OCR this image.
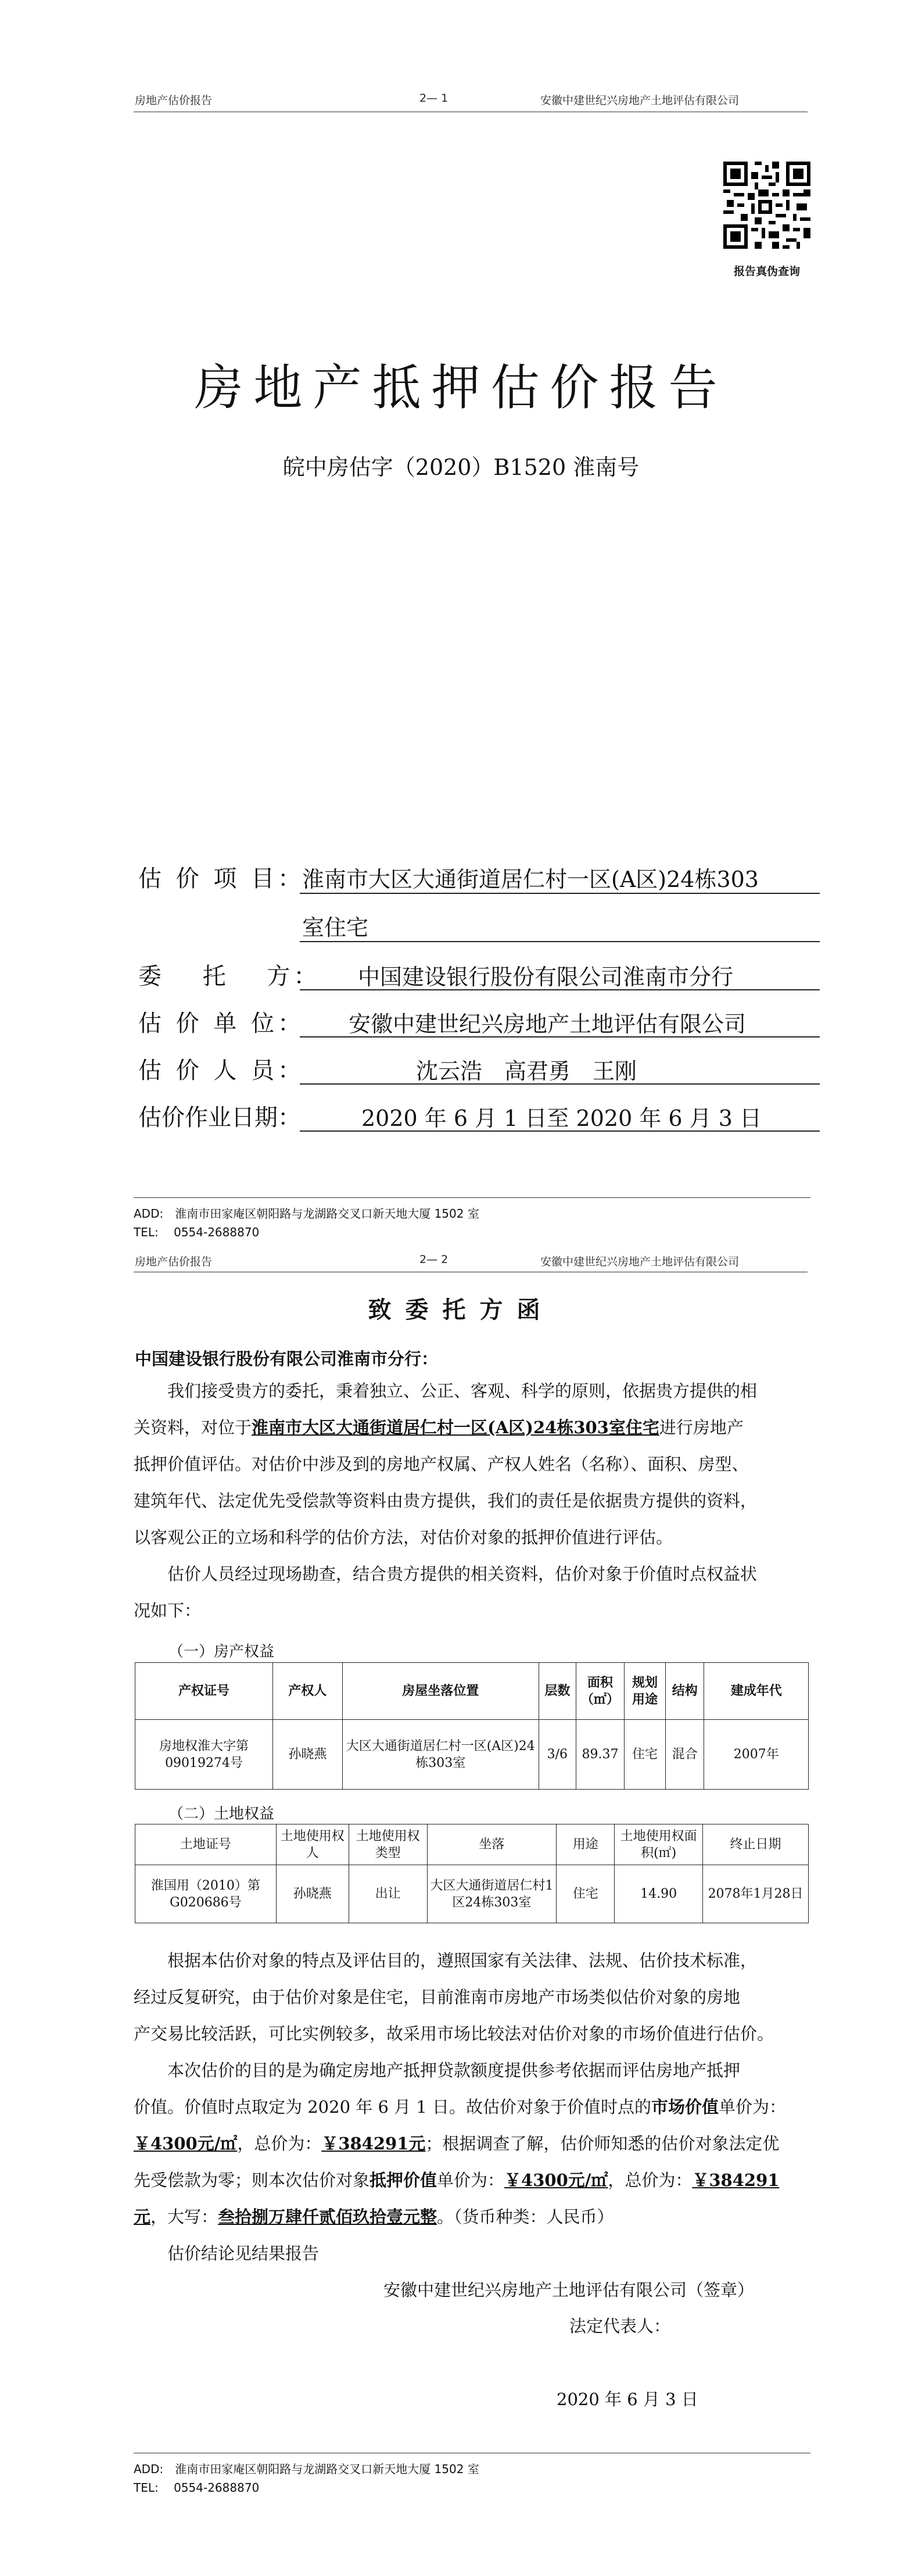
房地产估价报告	2— 1	安徽中建世纪兴房地产土地评估有限公司
报告真伪查询
房地产抵押估价报告
皖中房估字（2020）B1520 淮南号
估 价 项 目：
淮南市大区大通街道居仁村一区(A区)24栋303
室住宅
委　 托　 方： 中国建设银行股份有限公司淮南市分行
估 价 单 位： 安徽中建世纪兴房地产土地评估有限公司
估 价 人 员：	沈云浩　高君勇　王刚
估价作业日期：	2020 年 6 月 1 日至 2020 年 6 月 3 日
ADD:　淮南市田家庵区朝阳路与龙湖路交叉口新天地大厦 1502 室
TEL:　 0554-2688870
房地产估价报告	2— 2	安徽中建世纪兴房地产土地评估有限公司
致委托方函
中国建设银行股份有限公司淮南市分行：
我们接受贵方的委托，秉着独立、公正、客观、科学的原则，依据贵方提供的相
关资料，对位于淮南市大区大通街道居仁村一区(A区)24栋303室住宅进行房地产
抵押价值评估。对估价中涉及到的房地产权属、产权人姓名（名称）、面积、房型、
建筑年代、法定优先受偿款等资料由贵方提供，我们的责任是依据贵方提供的资料，
以客观公正的立场和科学的估价方法，对估价对象的抵押价值进行评估。
估价人员经过现场勘查，结合贵方提供的相关资料，估价对象于价值时点权益状
况如下：
（一）房产权益
产权证号	产权人	房屋坐落位置	层数	面积（㎡）	规划用途	结构	建成年代
房地权淮大字第09019274号	孙晓燕	大区大通街道居仁村一区(A区)24栋303室	3/6	89.37	住宅	混合	2007年
（二）土地权益
土地证号	土地使用权人	土地使用权类型	坐落	用途	土地使用权面积(㎡)	终止日期
淮国用（2010）第G020686号	孙晓燕	出让	大区大通街道居仁村1区24栋303室	住宅	14.90	2078年1月28日
根据本估价对象的特点及评估目的，遵照国家有关法律、法规、估价技术标准，
经过反复研究，由于估价对象是住宅，目前淮南市房地产市场类似估价对象的房地
产交易比较活跃，可比实例较多，故采用市场比较法对估价对象的市场价值进行估价。
本次估价的目的是为确定房地产抵押贷款额度提供参考依据而评估房地产抵押
价值。价值时点取定为 2020 年 6 月 1 日。故估价对象于价值时点的市场价值单价为：
￥4300元/㎡，总价为：￥384291元；根据调查了解，估价师知悉的估价对象法定优
先受偿款为零；则本次估价对象抵押价值单价为：￥4300元/㎡，总价为：￥384291
元，大写：叁拾捌万肆仟贰佰玖拾壹元整。（货币种类：人民币）
估价结论见结果报告
安徽中建世纪兴房地产土地评估有限公司（签章）
法定代表人：
2020 年 6 月 3 日
ADD:　淮南市田家庵区朝阳路与龙湖路交叉口新天地大厦 1502 室
TEL:　 0554-2688870
